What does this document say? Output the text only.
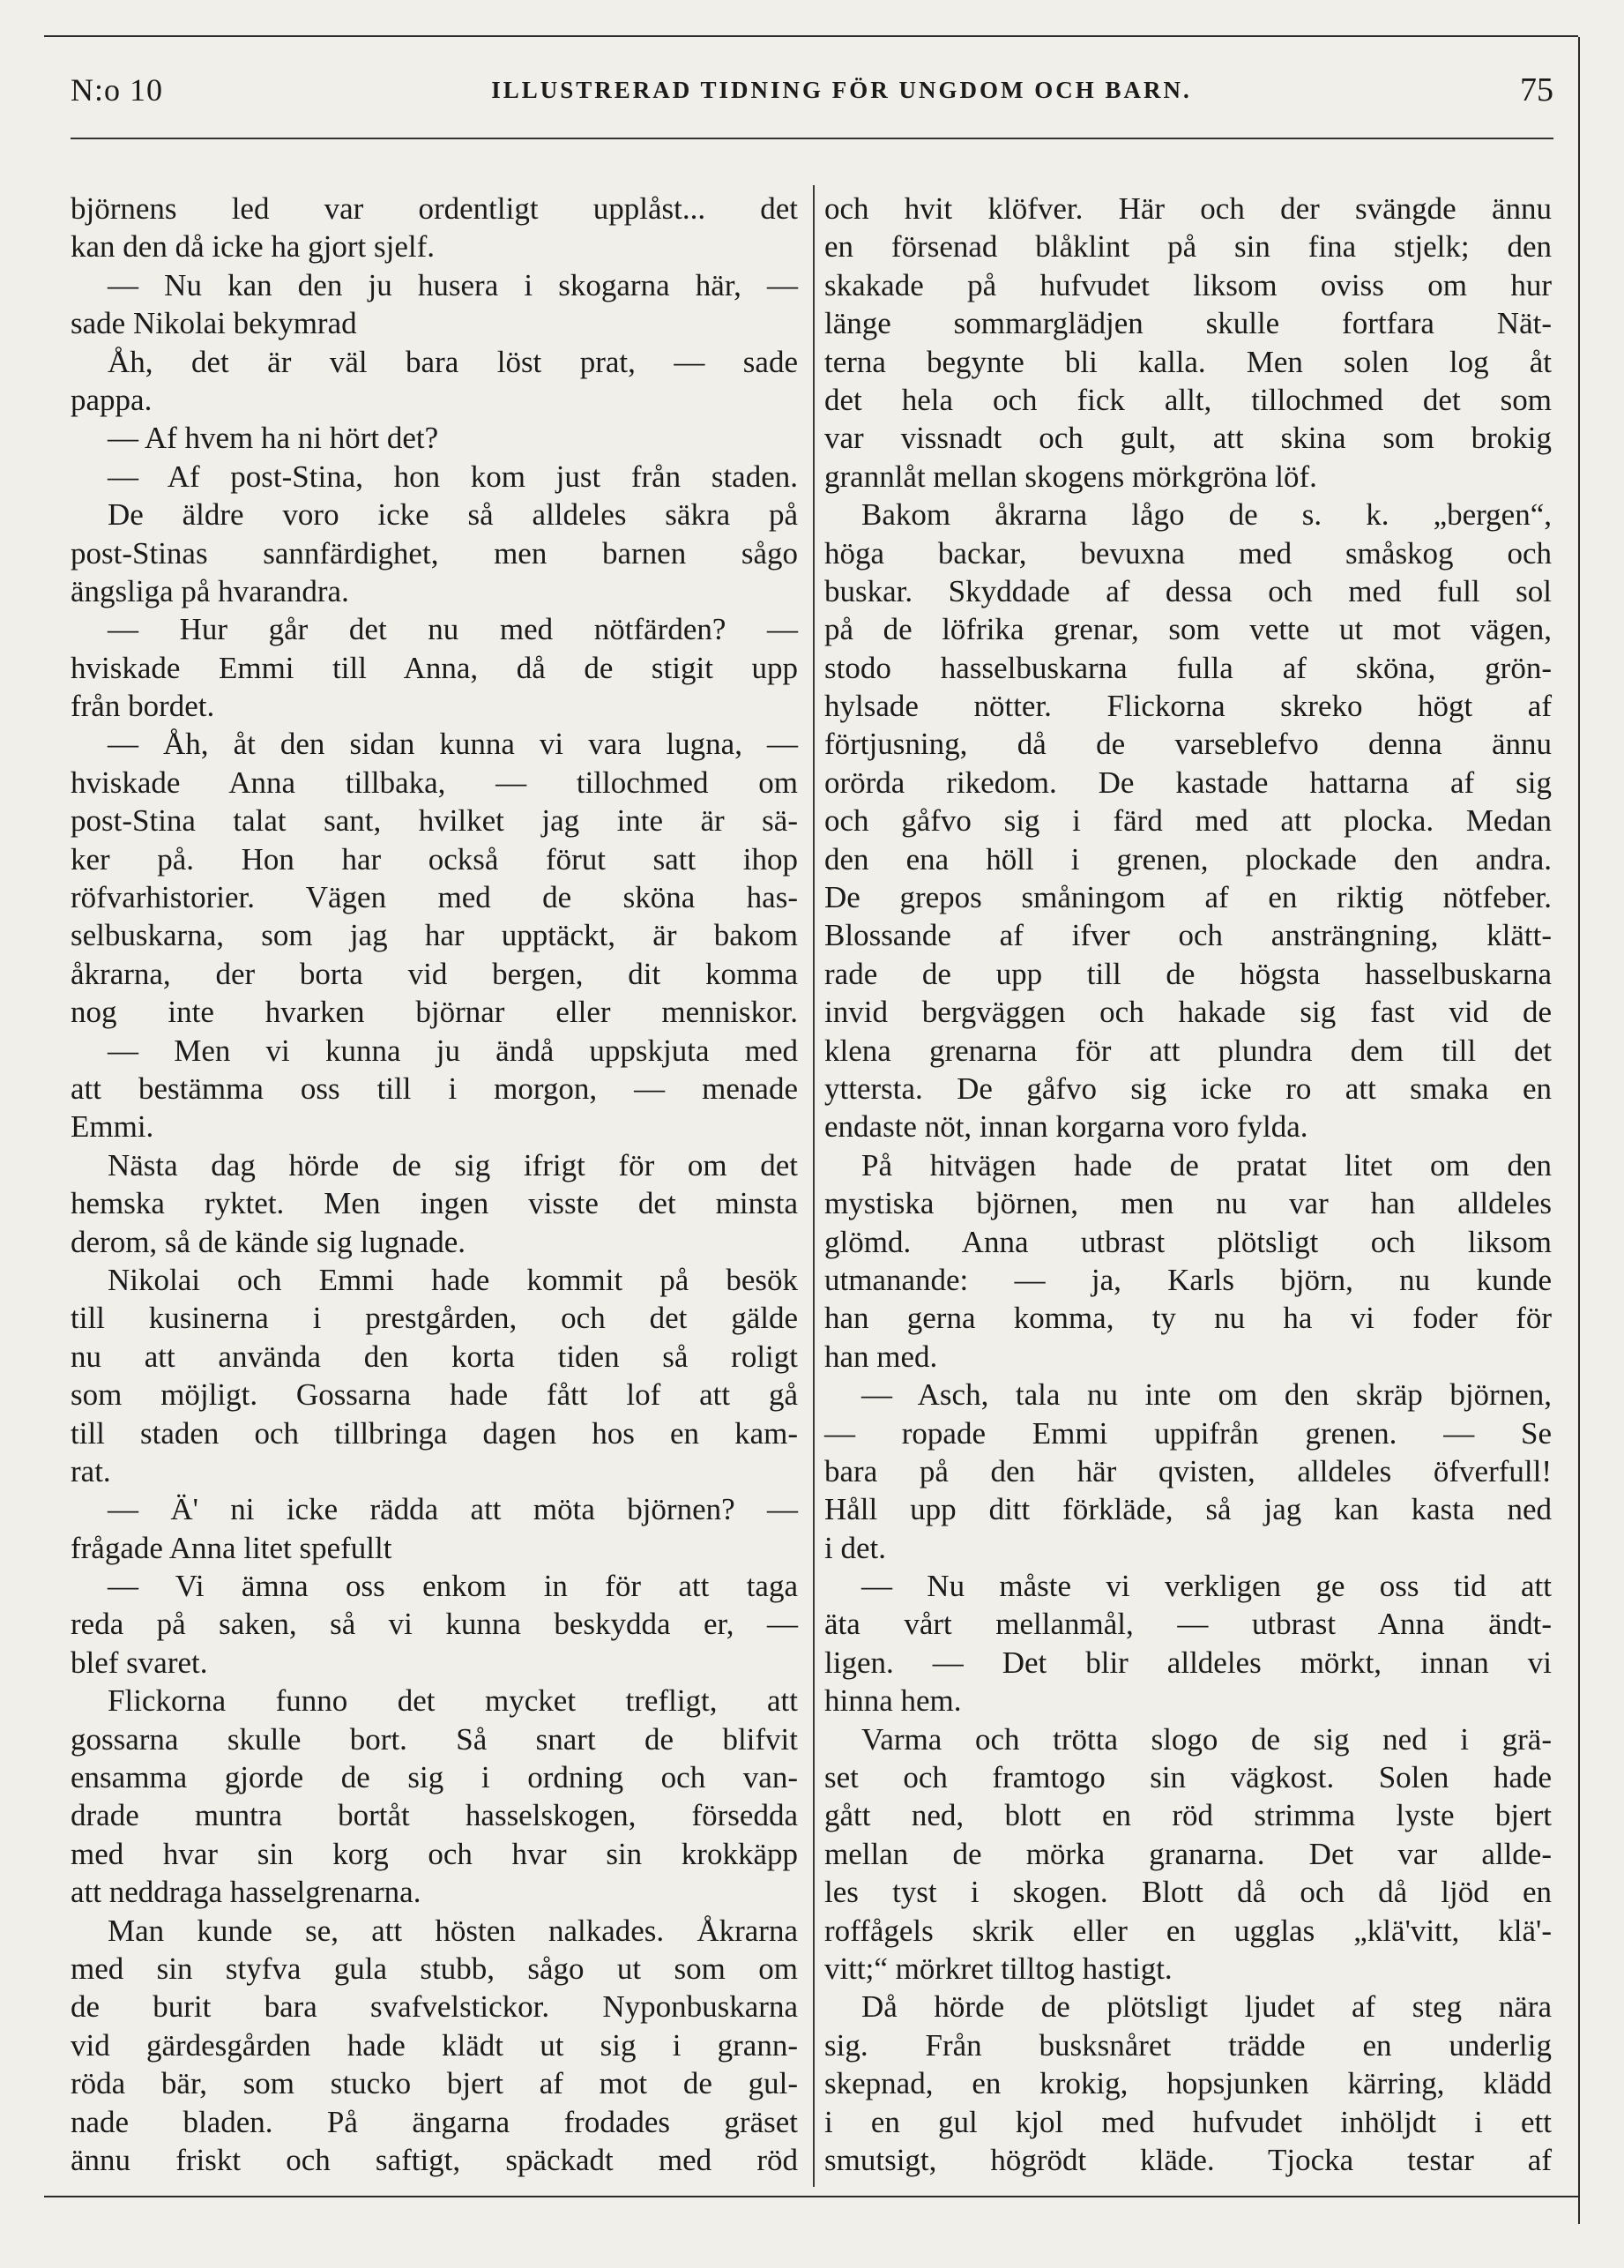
N:o 10	ILLUSTRERAD TIDNING FÖR UNGDOM OCH BARN.	75
björnens led var ordentligt upplåst... det
kan den då icke ha gjort sjelf.
— Nu kan den ju husera i skogarna här, —
sade Nikolai bekymrad
Åh, det är väl bara löst prat, — sade
pappa.
— Af hvem ha ni hört det?
— Af post-Stina, hon kom just från staden.
De äldre voro icke så alldeles säkra på
post-Stinas sannfärdighet, men barnen sågo
ängsliga på hvarandra.
— Hur går det nu med nötfärden? —
hviskade Emmi till Anna, då de stigit upp
från bordet.
— Åh, åt den sidan kunna vi vara lugna, —
hviskade Anna tillbaka, — tillochmed om
post-Stina talat sant, hvilket jag inte är sä-
ker på. Hon har också förut satt ihop
röfvarhistorier. Vägen med de sköna has-
selbuskarna, som jag har upptäckt, är bakom
åkrarna, der borta vid bergen, dit komma
nog inte hvarken björnar eller menniskor.
— Men vi kunna ju ändå uppskjuta med
att bestämma oss till i morgon, — menade
Emmi.
Nästa dag hörde de sig ifrigt för om det
hemska ryktet. Men ingen visste det minsta
derom, så de kände sig lugnade.
Nikolai och Emmi hade kommit på besök
till kusinerna i prestgården, och det gälde
nu att använda den korta tiden så roligt
som möjligt. Gossarna hade fått lof att gå
till staden och tillbringa dagen hos en kam-
rat.
— Ä' ni icke rädda att möta björnen? —
frågade Anna litet spefullt
— Vi ämna oss enkom in för att taga
reda på saken, så vi kunna beskydda er, —
blef svaret.
Flickorna funno det mycket trefligt, att
gossarna skulle bort. Så snart de blifvit
ensamma gjorde de sig i ordning och van-
drade muntra bortåt hasselskogen, försedda
med hvar sin korg och hvar sin krokkäpp
att neddraga hasselgrenarna.
Man kunde se, att hösten nalkades. Åkrarna
med sin styfva gula stubb, sågo ut som om
de burit bara svafvelstickor. Nyponbuskarna
vid gärdesgården hade klädt ut sig i grann-
röda bär, som stucko bjert af mot de gul-
nade bladen. På ängarna frodades gräset
ännu friskt och saftigt, späckadt med röd
och hvit klöfver. Här och der svängde ännu
en försenad blåklint på sin fina stjelk; den
skakade på hufvudet liksom oviss om hur
länge sommarglädjen skulle fortfara Nät-
terna begynte bli kalla. Men solen log åt
det hela och fick allt, tillochmed det som
var vissnadt och gult, att skina som brokig
grannlåt mellan skogens mörkgröna löf.
Bakom åkrarna lågo de s. k. „bergen“,
höga backar, bevuxna med småskog och
buskar. Skyddade af dessa och med full sol
på de löfrika grenar, som vette ut mot vägen,
stodo hasselbuskarna fulla af sköna, grön-
hylsade nötter. Flickorna skreko högt af
förtjusning, då de varseblefvo denna ännu
orörda rikedom. De kastade hattarna af sig
och gåfvo sig i färd med att plocka. Medan
den ena höll i grenen, plockade den andra.
De grepos småningom af en riktig nötfeber.
Blossande af ifver och ansträngning, klätt-
rade de upp till de högsta hasselbuskarna
invid bergväggen och hakade sig fast vid de
klena grenarna för att plundra dem till det
yttersta. De gåfvo sig icke ro att smaka en
endaste nöt, innan korgarna voro fylda.
På hitvägen hade de pratat litet om den
mystiska björnen, men nu var han alldeles
glömd. Anna utbrast plötsligt och liksom
utmanande: — ja, Karls björn, nu kunde
han gerna komma, ty nu ha vi foder för
han med.
— Asch, tala nu inte om den skräp björnen,
— ropade Emmi uppifrån grenen. — Se
bara på den här qvisten, alldeles öfverfull!
Håll upp ditt förkläde, så jag kan kasta ned
i det.
— Nu måste vi verkligen ge oss tid att
äta vårt mellanmål, — utbrast Anna ändt-
ligen. — Det blir alldeles mörkt, innan vi
hinna hem.
Varma och trötta slogo de sig ned i grä-
set och framtogo sin vägkost. Solen hade
gått ned, blott en röd strimma lyste bjert
mellan de mörka granarna. Det var allde-
les tyst i skogen. Blott då och då ljöd en
roffågels skrik eller en ugglas „klä'vitt, klä'-
vitt;“ mörkret tilltog hastigt.
Då hörde de plötsligt ljudet af steg nära
sig. Från busksnåret trädde en underlig
skepnad, en krokig, hopsjunken kärring, klädd
i en gul kjol med hufvudet inhöljdt i ett
smutsigt, högrödt kläde. Tjocka testar af
